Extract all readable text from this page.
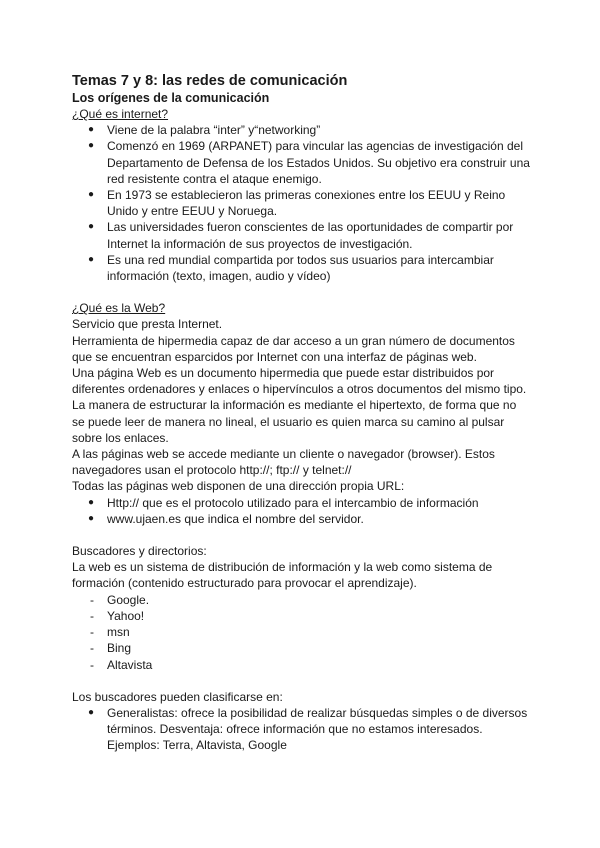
Temas 7 y 8: las redes de comunicación
Los orígenes de la comunicación

¿Qué es internet?

● Viene de la palabra “inter” y“networking”
● Comenzó en 1969 (ARPANET) para vincular las agencias de investigación del Departamento de Defensa de los Estados Unidos. Su objetivo era construir una red resistente contra el ataque enemigo.
● En 1973 se establecieron las primeras conexiones entre los EEUU y Reino Unido y entre EEUU y Noruega.
● Las universidades fueron conscientes de las oportunidades de compartir por Internet la información de sus proyectos de investigación.
● Es una red mundial compartida por todos sus usuarios para intercambiar información (texto, imagen, audio y vídeo)

¿Qué es la Web?

Servicio que presta Internet.

Herramienta de hipermedia capaz de dar acceso a un gran número de documentos que se encuentran esparcidos por Internet con una interfaz de páginas web.

Una página Web es un documento hipermedia que puede estar distribuidos por diferentes ordenadores y enlaces o hipervínculos a otros documentos del mismo tipo.

La manera de estructurar la información es mediante el hipertexto, de forma que no se puede leer de manera no lineal, el usuario es quien marca su camino al pulsar sobre los enlaces.

A las páginas web se accede mediante un cliente o navegador (browser). Estos navegadores usan el protocolo http://; ftp:// y telnet://

Todas las páginas web disponen de una dirección propia URL:

● Http:// que es el protocolo utilizado para el intercambio de información
● www.ujaen.es que indica el nombre del servidor.

Buscadores y directorios:

La web es un sistema de distribución de información y la web como sistema de formación (contenido estructurado para provocar el aprendizaje).

- Google.
- Yahoo!
- msn
- Bing
- Altavista

Los buscadores pueden clasificarse en:

● Generalistas: ofrece la posibilidad de realizar búsquedas simples o de diversos términos. Desventaja: ofrece información que no estamos interesados. Ejemplos: Terra, Altavista, Google
